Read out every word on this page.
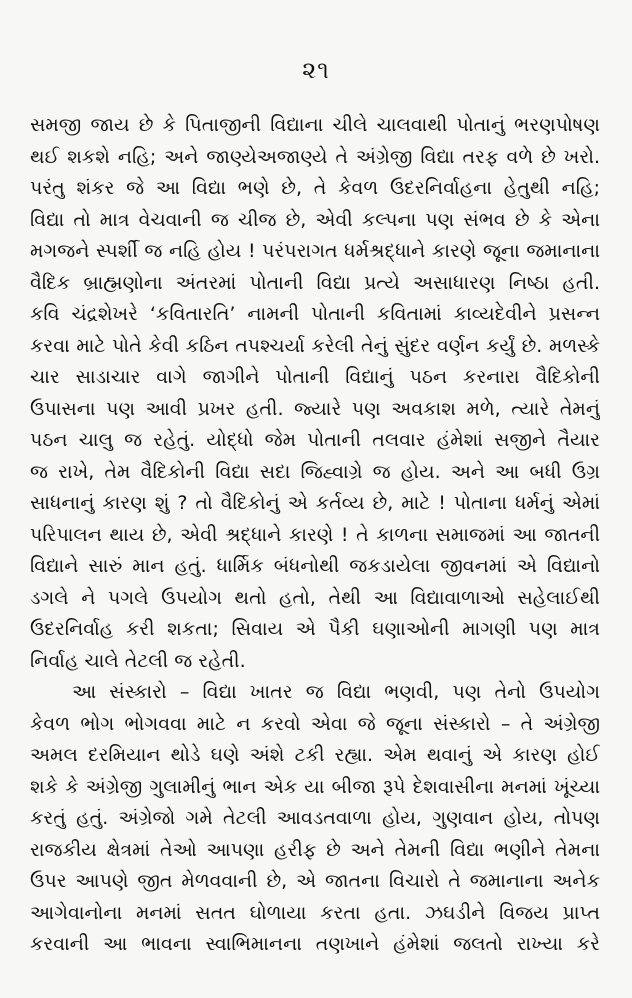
૨૧
સમજી જાય છે કે પિતાજીની વિદ્યાના ચીલે ચાલવાથી પોતાનું ભરણપોષણ
થઈ શકશે નહિ; અને જાણ્યેઅજાણ્યે તે અંગ્રેજી વિદ્યા તરફ વળે છે ખરો.
પરંતુ શંકર જે આ વિદ્યા ભણે છે, તે કેવળ ઉદરનિર્વાહના હેતુથી નહિ;
વિદ્યા તો માત્ર વેચવાની જ ચીજ છે, એવી કલ્પના પણ સંભવ છે કે એના
મગજને સ્પર્શી જ નહિ હોય ! પરંપરાગત ધર્મશ્રદ્ધાને કારણે જૂના જમાનાના
વૈદિક બ્રાહ્મણોના અંતરમાં પોતાની વિદ્યા પ્રત્યે અસાધારણ નિષ્ઠા હતી.
કવિ ચંદ્રશેખરે ‘કવિતારતિ’ નામની પોતાની કવિતામાં કાવ્યદેવીને પ્રસન્ન
કરવા માટે પોતે કેવી કઠિન તપશ્ચર્યા કરેલી તેનું સુંદર વર્ણન કર્યું છે. મળસ્કે
ચાર સાડાચાર વાગે જાગીને પોતાની વિદ્યાનું પઠન કરનારા વૈદિકોની
ઉપાસના પણ આવી પ્રખર હતી. જ્યારે પણ અવકાશ મળે, ત્યારે તેમનું
પઠન ચાલુ જ રહેતું. યોદ્ધો જેમ પોતાની તલવાર હંમેશાં સજીને તૈયાર
જ રાખે, તેમ વૈદિકોની વિદ્યા સદા જિહ્વાગ્રે જ હોય. અને આ બધી ઉગ્ર
સાધનાનું કારણ શું ? તો વૈદિકોનું એ કર્તવ્ય છે, માટે ! પોતાના ધર્મનું એમાં
પરિપાલન થાય છે, એવી શ્રદ્ધાને કારણે ! તે કાળના સમાજમાં આ જાતની
વિદ્યાને સારું માન હતું. ધાર્મિક બંધનોથી જકડાયેલા જીવનમાં એ વિદ્યાનો
ડગલે ને પગલે ઉપયોગ થતો હતો, તેથી આ વિદ્યાવાળાઓ સહેલાઈથી
ઉદરનિર્વાહ કરી શકતા; સિવાય એ પૈકી ઘણાઓની માગણી પણ માત્ર
નિર્વાહ ચાલે તેટલી જ રહેતી.
આ સંસ્કારો – વિદ્યા ખાતર જ વિદ્યા ભણવી, પણ તેનો ઉપયોગ
કેવળ ભોગ ભોગવવા માટે ન કરવો એવા જે જૂના સંસ્કારો – તે અંગ્રેજી
અમલ દરમિયાન થોડે ઘણે અંશે ટકી રહ્યા. એમ થવાનું એ કારણ હોઈ
શકે કે અંગ્રેજી ગુલામીનું ભાન એક યા બીજા રૂપે દેશવાસીના મનમાં ખૂંચ્યા
કરતું હતું. અંગ્રેજો ગમે તેટલી આવડતવાળા હોય, ગુણવાન હોય, તોપણ
રાજકીય ક્ષેત્રમાં તેઓ આપણા હરીફ છે અને તેમની વિદ્યા ભણીને તેમના
ઉપર આપણે જીત મેળવવાની છે, એ જાતના વિચારો તે જમાનાના અનેક
આગેવાનોના મનમાં સતત ઘોળાયા કરતા હતા. ઝઘડીને વિજય પ્રાપ્ત
કરવાની આ ભાવના સ્વાભિમાનના તણખાને હંમેશાં જલતો રાખ્યા કરે
